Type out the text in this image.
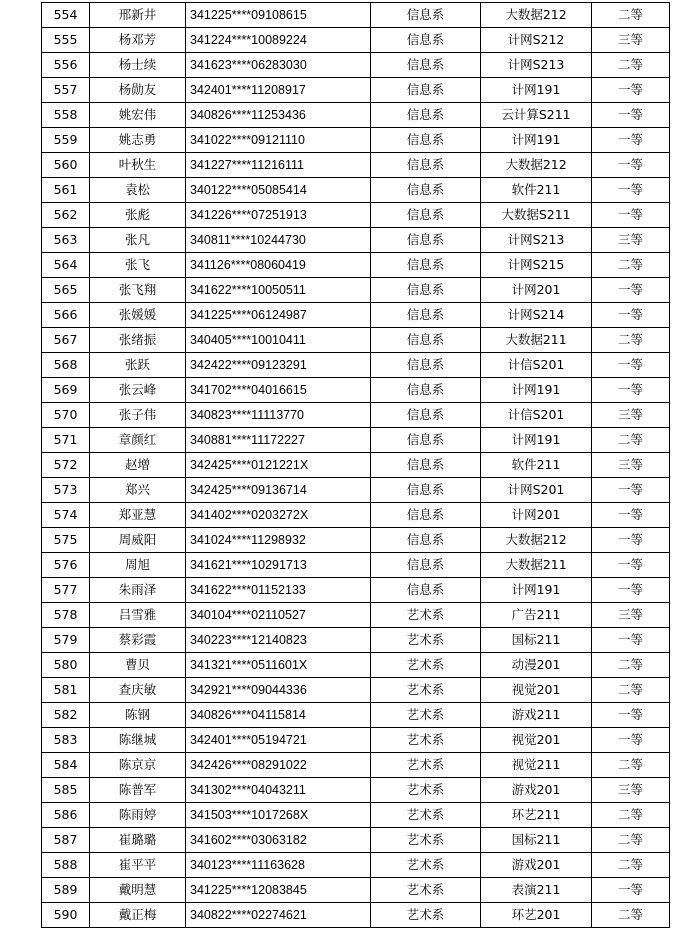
554	邢新井	341225****09108615	信息系	大数据212	二等
555	杨邓芳	341224****10089224	信息系	计网S212	三等
556	杨士续	341623****06283030	信息系	计网S213	二等
557	杨勋友	342401****11208917	信息系	计网191	一等
558	姚宏伟	340826****11253436	信息系	云计算S211	一等
559	姚志勇	341022****09121110	信息系	计网191	一等
560	叶秋生	341227****11216111	信息系	大数据212	一等
561	袁松	340122****05085414	信息系	软件211	一等
562	张彪	341226****07251913	信息系	大数据S211	一等
563	张凡	340811****10244730	信息系	计网S213	三等
564	张飞	341126****08060419	信息系	计网S215	二等
565	张飞翔	341622****10050511	信息系	计网201	一等
566	张媛媛	341225****06124987	信息系	计网S214	一等
567	张绪振	340405****10010411	信息系	大数据211	二等
568	张跃	342422****09123291	信息系	计信S201	一等
569	张云峰	341702****04016615	信息系	计网191	一等
570	张子伟	340823****11113770	信息系	计信S201	三等
571	章颜红	340881****11172227	信息系	计网191	二等
572	赵增	342425****0121221X	信息系	软件211	三等
573	郑兴	342425****09136714	信息系	计网S201	一等
574	郑亚慧	341402****0203272X	信息系	计网201	一等
575	周威阳	341024****11298932	信息系	大数据212	一等
576	周旭	341621****10291713	信息系	大数据211	一等
577	朱雨泽	341622****01152133	信息系	计网191	一等
578	吕雪雅	340104****02110527	艺术系	广告211	三等
579	蔡彩霞	340223****12140823	艺术系	国标211	一等
580	曹贝	341321****0511601X	艺术系	动漫201	二等
581	查庆敏	342921****09044336	艺术系	视觉201	二等
582	陈钢	340826****04115814	艺术系	游戏211	一等
583	陈继城	342401****05194721	艺术系	视觉201	一等
584	陈京京	342426****08291022	艺术系	视觉211	二等
585	陈普军	341302****04043211	艺术系	游戏201	三等
586	陈雨婷	341503****1017268X	艺术系	环艺211	二等
587	崔璐璐	341602****03063182	艺术系	国标211	二等
588	崔平平	340123****11163628	艺术系	游戏201	二等
589	戴明慧	341225****12083845	艺术系	表演211	一等
590	戴正梅	340822****02274621	艺术系	环艺201	二等
